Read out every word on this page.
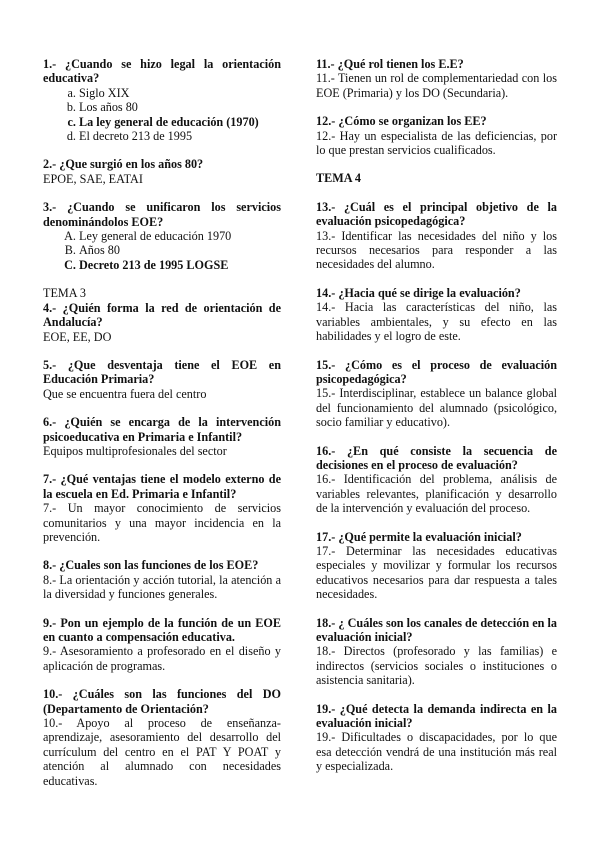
1.- ¿Cuando se hizo legal la orientación educativa?
a. Siglo XIX
b. Los años 80
c. La ley general de educación (1970)
d. El decreto 213 de 1995
2.- ¿Que surgió en los años 80?
EPOE, SAE, EATAI
3.- ¿Cuando se unificaron los servicios denominándolos EOE?
A. Ley general de educación 1970
B. Años 80
C. Decreto 213 de 1995 LOGSE
TEMA 3
4.- ¿Quién forma la red de orientación de Andalucía?
EOE, EE, DO
5.- ¿Que desventaja tiene el EOE en Educación Primaria?
Que se encuentra fuera del centro
6.- ¿Quién se encarga de la intervención psicoeducativa en Primaria e Infantil?
Equipos multiprofesionales del sector
7.- ¿Qué ventajas tiene el modelo externo de la escuela en Ed. Primaria e Infantil?
7.- Un mayor conocimiento de servicios comunitarios y una mayor incidencia en la prevención.
8.- ¿Cuales son las funciones de los EOE?
8.- La orientación y acción tutorial, la atención a la diversidad y funciones generales.
9.- Pon un ejemplo de la función de un EOE en cuanto a compensación educativa.
9.- Asesoramiento a profesorado en el diseño y aplicación de programas.
10.- ¿Cuáles son las funciones del DO (Departamento de Orientación?
10.- Apoyo al proceso de enseñanza-aprendizaje, asesoramiento del desarrollo del currículum del centro en el PAT Y POAT y atención al alumnado con necesidades educativas.
11.- ¿Qué rol tienen los E.E?
11.- Tienen un rol de complementariedad con los EOE (Primaria) y los DO (Secundaria).
12.- ¿Cómo se organizan los EE?
12.- Hay un especialista de las deficiencias, por lo que prestan servicios cualificados.
TEMA 4
13.- ¿Cuál es el principal objetivo de la evaluación psicopedagógica?
13.- Identificar las necesidades del niño y los recursos necesarios para responder a las necesidades del alumno.
14.- ¿Hacia qué se dirige la evaluación?
14.- Hacia las características del niño, las variables ambientales, y su efecto en las habilidades y el logro de este.
15.- ¿Cómo es el proceso de evaluación psicopedagógica?
15.- Interdisciplinar, establece un balance global del funcionamiento del alumnado (psicológico, socio familiar y educativo).
16.- ¿En qué consiste la secuencia de decisiones en el proceso de evaluación?
16.- Identificación del problema, análisis de variables relevantes, planificación y desarrollo de la intervención y evaluación del proceso.
17.- ¿Qué permite la evaluación inicial?
17.- Determinar las necesidades educativas especiales y movilizar y formular los recursos educativos necesarios para dar respuesta a tales necesidades.
18.- ¿ Cuáles son los canales de detección en la evaluación inicial?
18.- Directos (profesorado y las familias) e indirectos (servicios sociales o instituciones o asistencia sanitaria).
19.- ¿Qué detecta la demanda indirecta en la evaluación inicial?
19.- Dificultades o discapacidades, por lo que esa detección vendrá de una institución más real y especializada.
